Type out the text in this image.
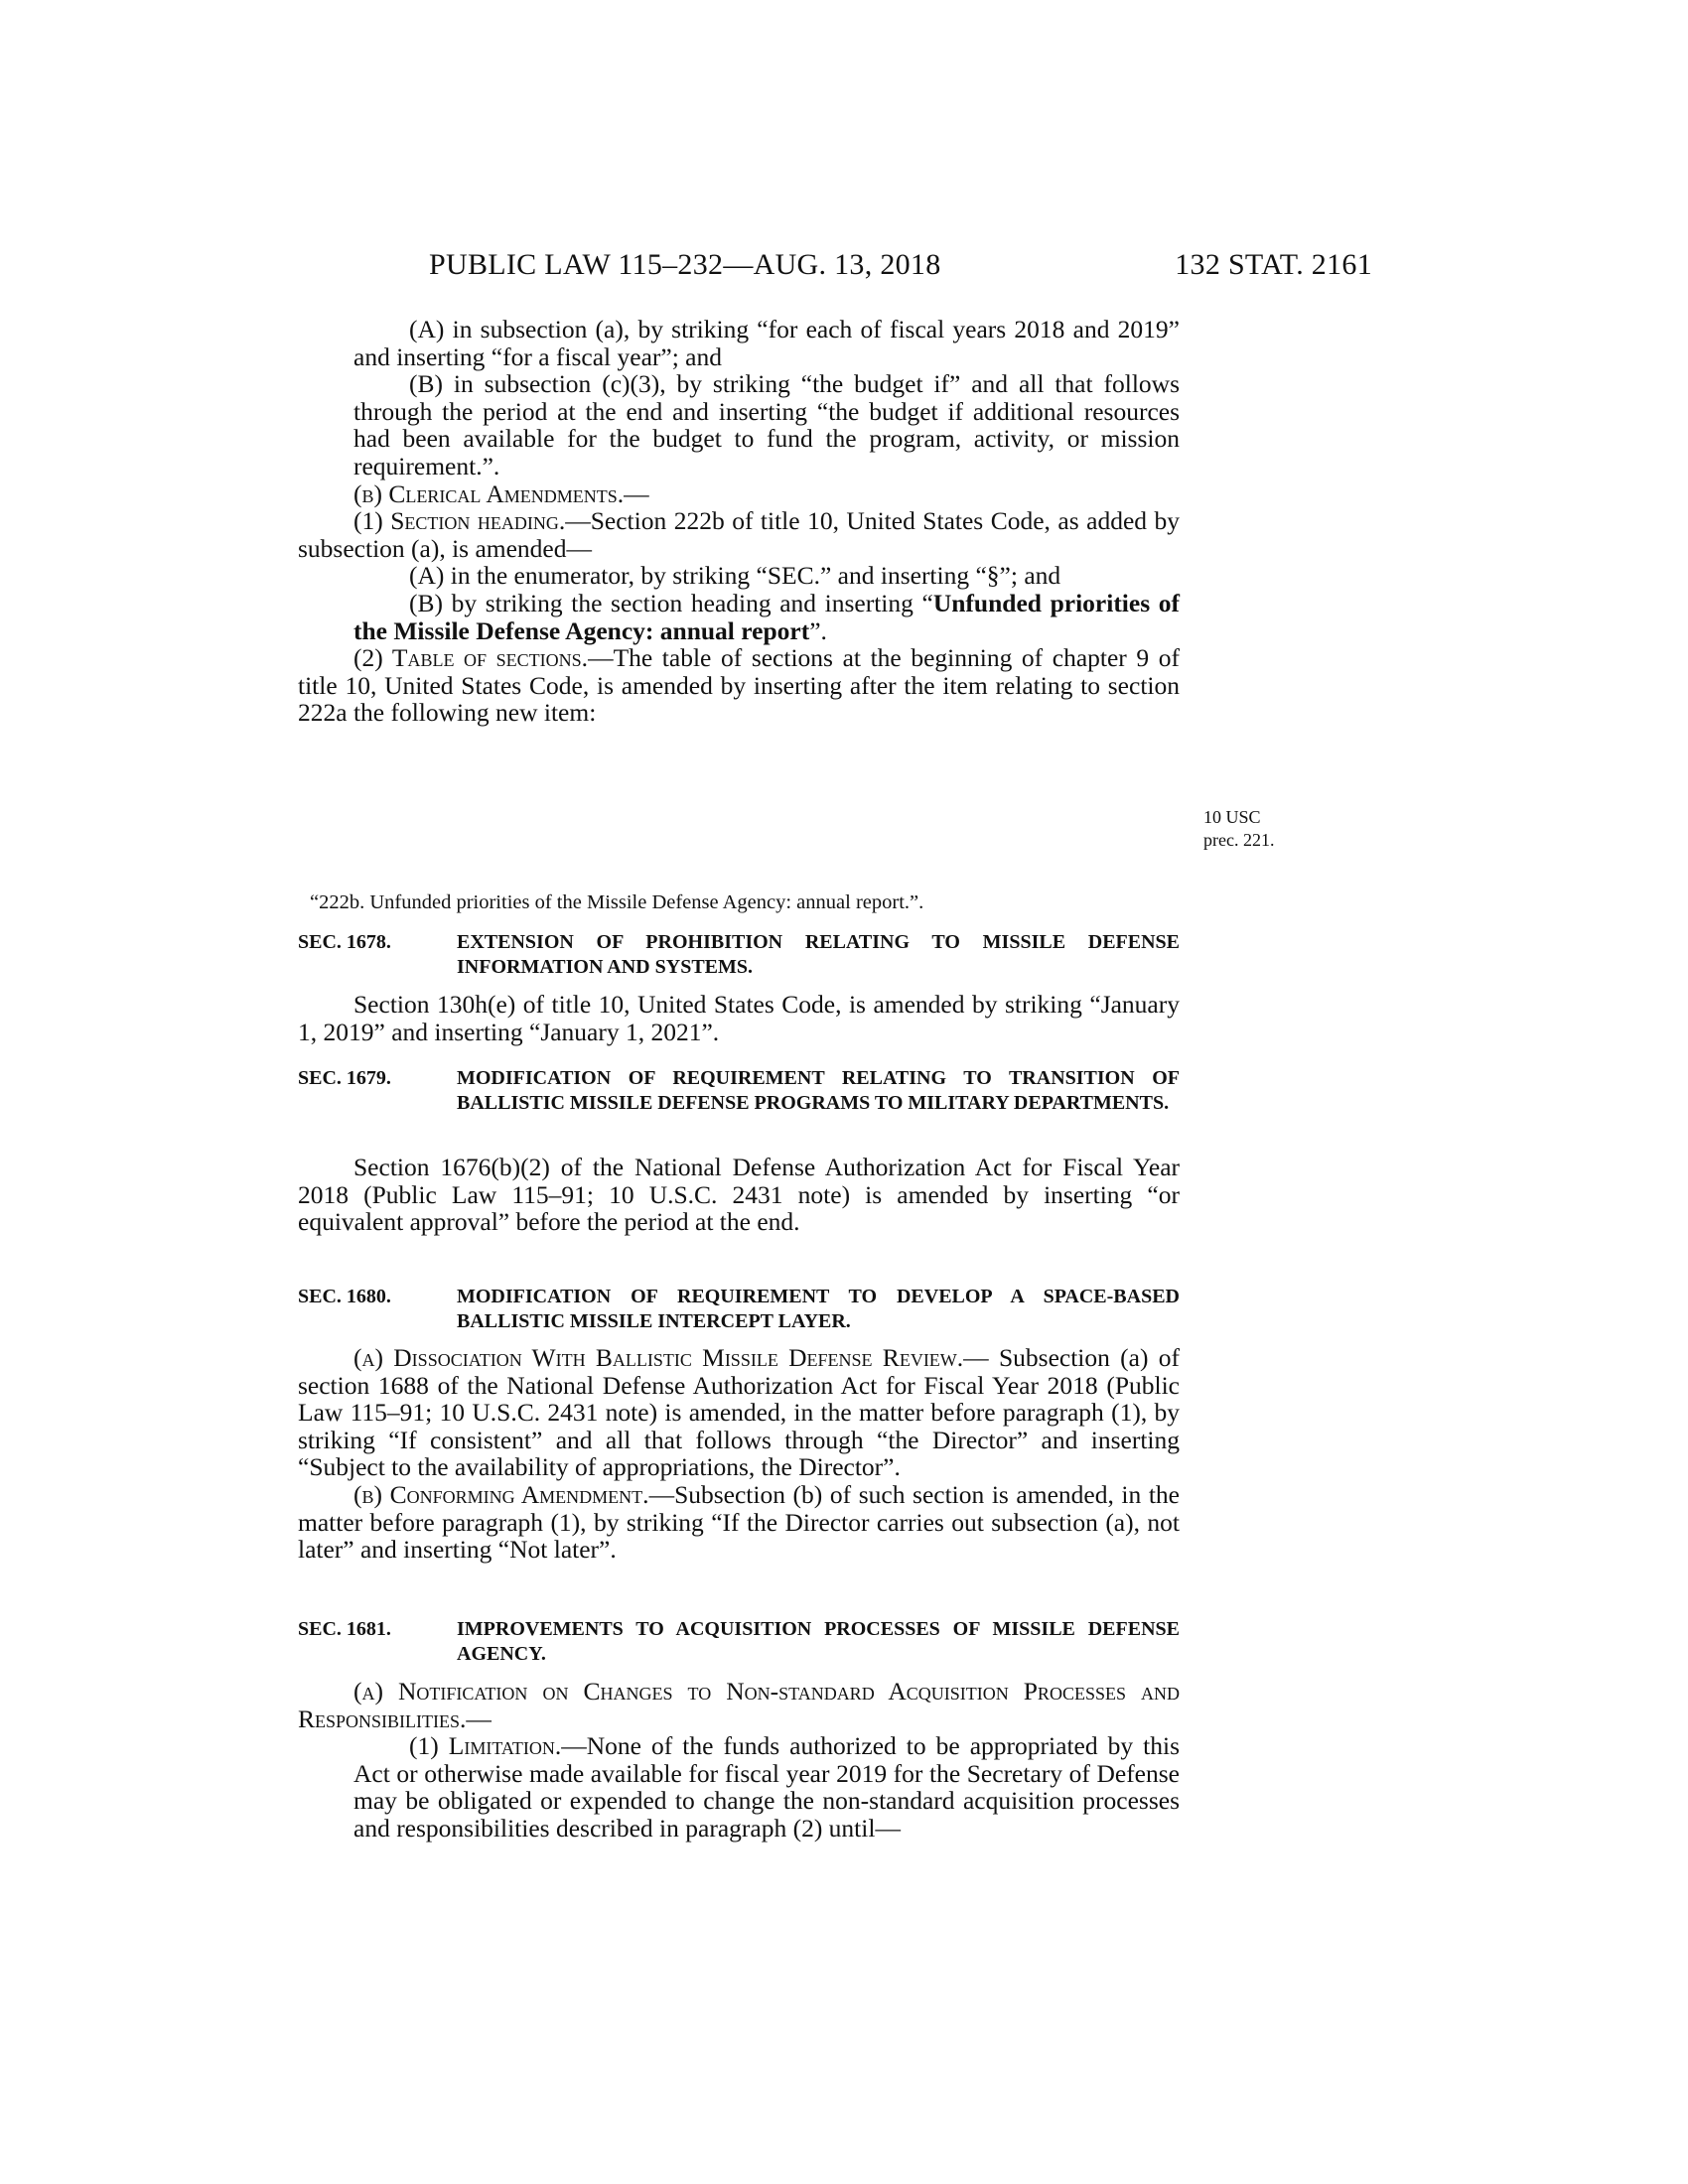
PUBLIC LAW 115–232—AUG. 13, 2018	132 STAT. 2161

(A) in subsection (a), by striking “for each of fiscal years 2018 and 2019” and inserting “for a fiscal year”; and

(B) in subsection (c)(3), by striking “the budget if” and all that follows through the period at the end and inserting “the budget if additional resources had been available for the budget to fund the program, activity, or mission requirement.”.

(b) Clerical Amendments.—

(1) Section heading.—Section 222b of title 10, United States Code, as added by subsection (a), is amended—

(A) in the enumerator, by striking “SEC.” and inserting “§”; and

(B) by striking the section heading and inserting “Unfunded priorities of the Missile Defense Agency: annual report”.

(2) Table of sections.—The table of sections at the beginning of chapter 9 of title 10, United States Code, is amended by inserting after the item relating to section 222a the following new item:

10 USC
prec. 221.
“222b. Unfunded priorities of the Missile Defense Agency: annual report.”.
SEC. 1678.	EXTENSION OF PROHIBITION RELATING TO MISSILE DEFENSE INFORMATION AND SYSTEMS.

Section 130h(e) of title 10, United States Code, is amended by striking “January 1, 2019” and inserting “January 1, 2021”.

SEC. 1679.	MODIFICATION OF REQUIREMENT RELATING TO TRANSITION OF BALLISTIC MISSILE DEFENSE PROGRAMS TO MILITARY DEPARTMENTS.

Section 1676(b)(2) of the National Defense Authorization Act for Fiscal Year 2018 (Public Law 115–91; 10 U.S.C. 2431 note) is amended by inserting “or equivalent approval” before the period at the end.

SEC. 1680.	MODIFICATION OF REQUIREMENT TO DEVELOP A SPACE-BASED BALLISTIC MISSILE INTERCEPT LAYER.

(a) Dissociation With Ballistic Missile Defense Review.— Subsection (a) of section 1688 of the National Defense Authorization Act for Fiscal Year 2018 (Public Law 115–91; 10 U.S.C. 2431 note) is amended, in the matter before paragraph (1), by striking “If consistent” and all that follows through “the Director” and inserting “Subject to the availability of appropriations, the Director”.

(b) Conforming Amendment.—Subsection (b) of such section is amended, in the matter before paragraph (1), by striking “If the Director carries out subsection (a), not later” and inserting “Not later”.

SEC. 1681.	IMPROVEMENTS TO ACQUISITION PROCESSES OF MISSILE DEFENSE AGENCY.

(a) Notification on Changes to Non-standard Acquisition Processes and Responsibilities.—

(1) Limitation.—None of the funds authorized to be appropriated by this Act or otherwise made available for fiscal year 2019 for the Secretary of Defense may be obligated or expended to change the non-standard acquisition processes and responsibilities described in paragraph (2) until—
